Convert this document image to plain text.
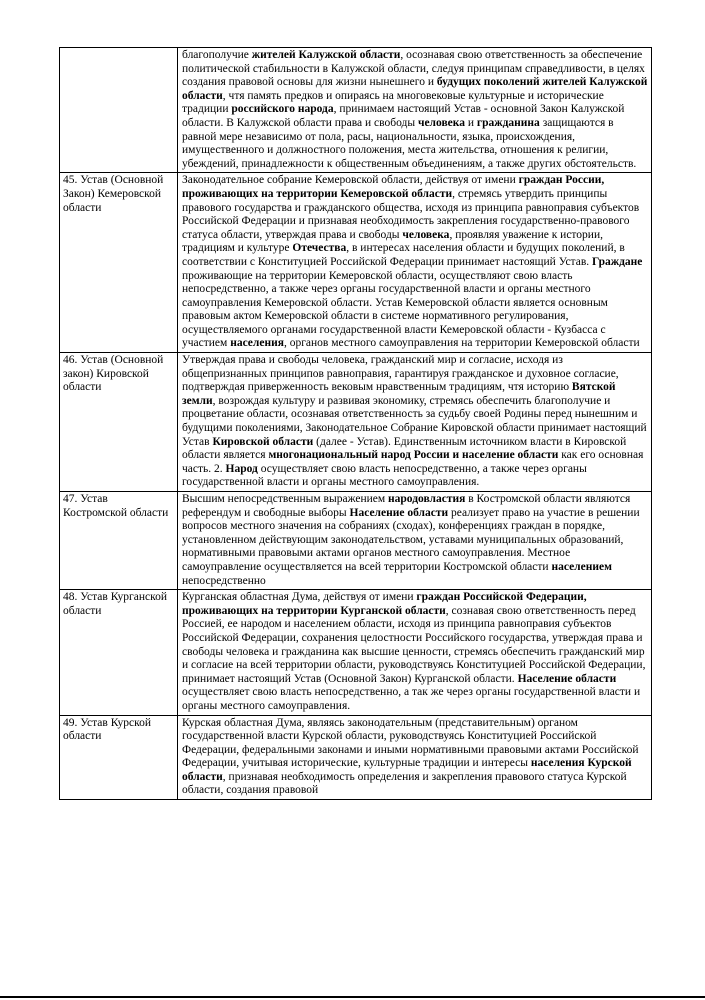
	благополучие жителей Калужской области, осознавая свою ответственность за обеспечение политической стабильности в Калужской области, следуя принципам справедливости, в целях создания правовой основы для жизни нынешнего и будущих поколений жителей Калужской области, чтя память предков и опираясь на многовековые культурные и исторические традиции российского народа, принимаем настоящий Устав - основной Закон Калужской области. В Калужской области права и свободы человека и гражданина защищаются в равной мере независимо от пола, расы, национальности, языка, происхождения, имущественного и должностного положения, места жительства, отношения к религии, убеждений, принадлежности к общественным объединениям, а также других обстоятельств.
45. Устав (Основной Закон) Кемеровской области	Законодательное собрание Кемеровской области, действуя от имени граждан России, проживающих на территории Кемеровской области, стремясь утвердить принципы правового государства и гражданского общества, исходя из принципа равноправия субъектов Российской Федерации и признавая необходимость закрепления государственно-правового статуса области, утверждая права и свободы человека, проявляя уважение к истории, традициям и культуре Отечества, в интересах населения области и будущих поколений, в соответствии с Конституцией Российской Федерации принимает настоящий Устав. Граждане проживающие на территории Кемеровской области, осуществляют свою власть непосредственно, а также через органы государственной власти и органы местного самоуправления Кемеровской области. Устав Кемеровской области является основным правовым актом Кемеровской области в системе нормативного регулирования, осуществляемого органами государственной власти Кемеровской области - Кузбасса с участием населения, органов местного самоуправления на территории Кемеровской области
46. Устав (Основной закон) Кировской области	Утверждая права и свободы человека, гражданский мир и согласие, исходя из общепризнанных принципов равноправия, гарантируя гражданское и духовное согласие, подтверждая приверженность вековым нравственным традициям, чтя историю Вятской земли, возрождая культуру и развивая экономику, стремясь обеспечить благополучие и процветание области, осознавая ответственность за судьбу своей Родины перед нынешним и будущими поколениями, Законодательное Собрание Кировской области принимает настоящий Устав Кировской области (далее - Устав). Единственным источником власти в Кировской области является многонациональный народ России и население области как его основная часть. 2. Народ осуществляет свою власть непосредственно, а также через органы государственной власти и органы местного самоуправления.
47. Устав Костромской области	Высшим непосредственным выражением народовластия в Костромской области являются референдум и свободные выборы Население области реализует право на участие в решении вопросов местного значения на собраниях (сходах), конференциях граждан в порядке, установленном действующим законодательством, уставами муниципальных образований, нормативными правовыми актами органов местного самоуправления. Местное самоуправление осуществляется на всей территории Костромской области населением непосредственно
48. Устав Курганской области	Курганская областная Дума, действуя от имени граждан Российской Федерации, проживающих на территории Курганской области, сознавая свою ответственность перед Россией, ее народом и населением области, исходя из принципа равноправия субъектов Российской Федерации, сохранения целостности Российского государства, утверждая права и свободы человека и гражданина как высшие ценности, стремясь обеспечить гражданский мир и согласие на всей территории области, руководствуясь Конституцией Российской Федерации, принимает настоящий Устав (Основной Закон) Курганской области. Население области осуществляет свою власть непосредственно, а так же через органы государственной власти и органы местного самоуправления.
49. Устав Курской области	Курская областная Дума, являясь законодательным (представительным) органом государственной власти Курской области, руководствуясь Конституцией Российской Федерации, федеральными законами и иными нормативными правовыми актами Российской Федерации, учитывая исторические, культурные традиции и интересы населения Курской области, признавая необходимость определения и закрепления правового статуса Курской области, создания правовой
